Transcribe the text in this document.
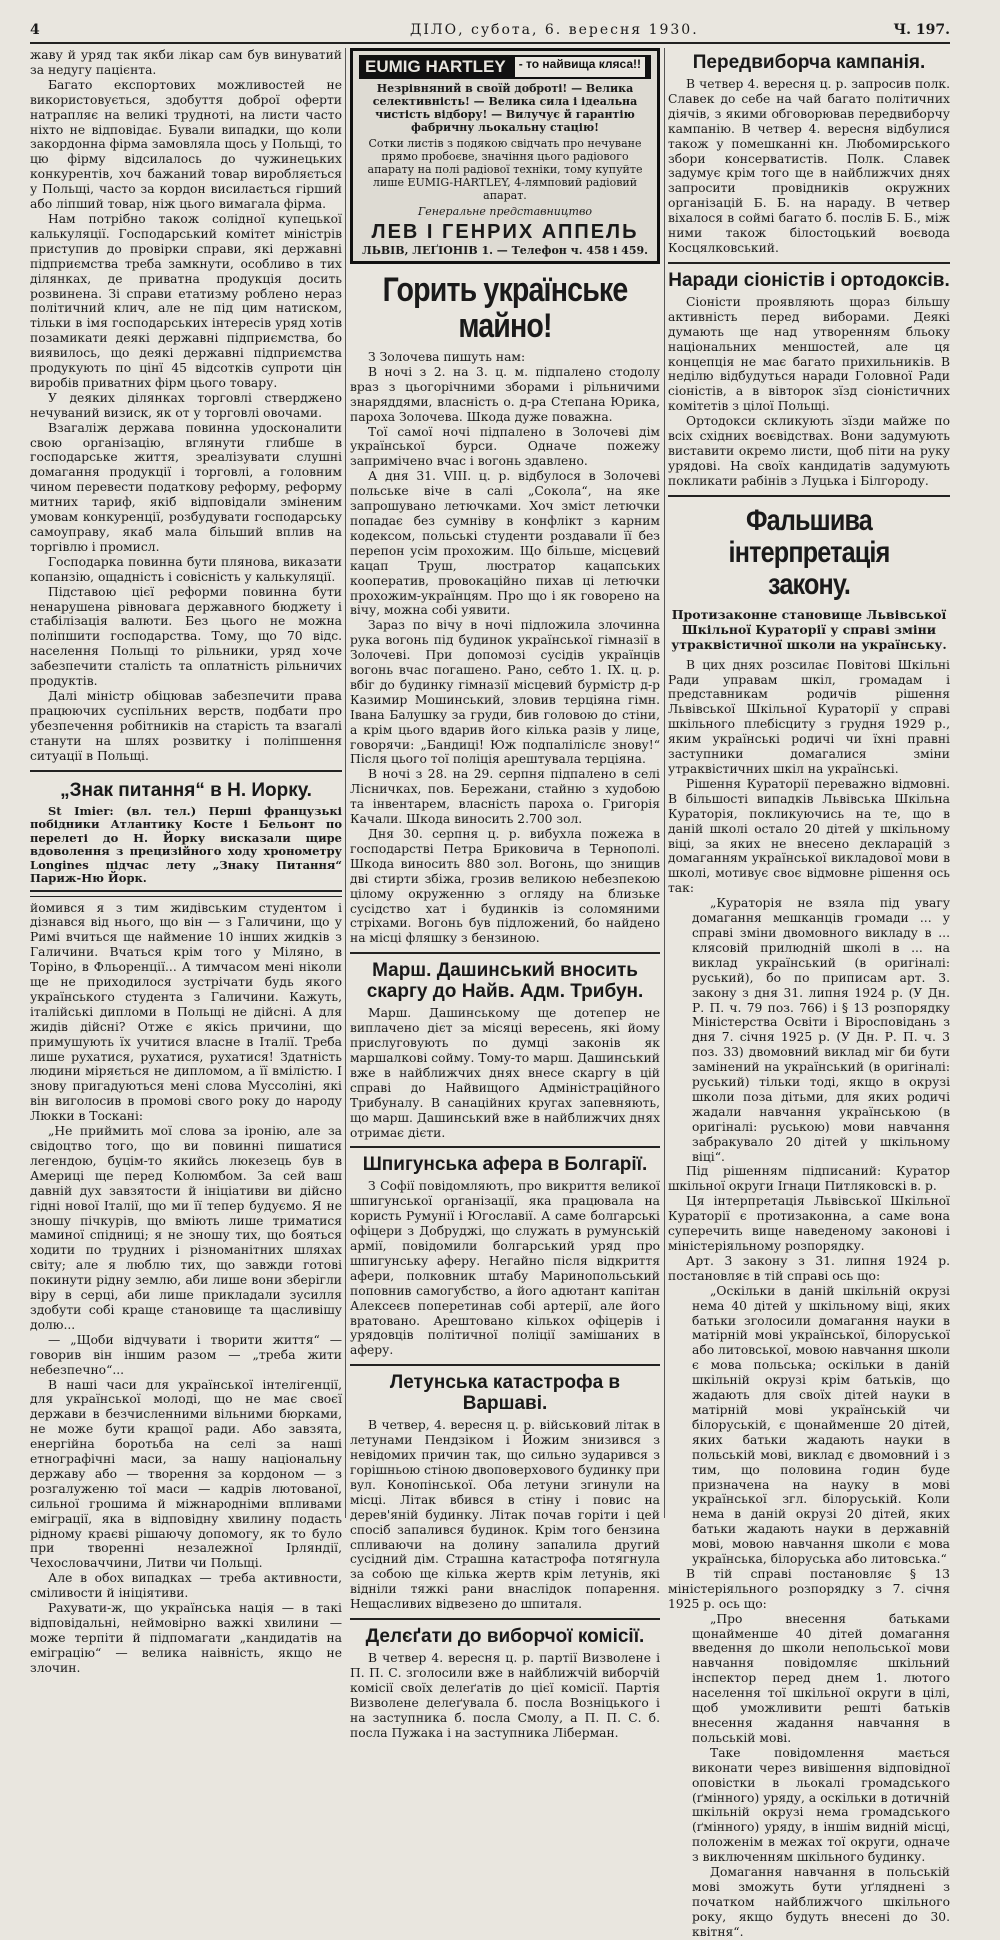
4	ДІЛО, субота, 6. вересня 1930.	Ч. 197.

жаву й уряд так якби лікар сам був винуватий за недугу пацієнта.

Багато експортових можливостей не використовується, здобуття доброї оферти натрапляє на великі трудноті, на листи часто ніхто не відповідає. Бували випадки, що коли закордонна фірма замовляла щось у Польщі, то цю фірму відсилалось до чужинецьких конкурентів, хоч бажаний товар виробляється у Польщі, часто за кордон висилається гірший або ліпший товар, ніж цього вимагала фірма.

Нам потрібно також солідної купецької калькуляції. Господарський комітет міністрів приступив до провірки справи, які державні підприємства треба замкнути, особливо в тих ділянках, де приватна продукція досить розвинена. Зі справи етатизму роблено нераз політичний клич, але не під цим натиском, тільки в імя господарських інтересів уряд хотів позамикати деякі державні підприємства, бо виявилось, що деякі державні підприємства продукують по цінї 45 відсотків супроти цін виробів приватних фірм цього товару.

У деяких ділянках торговлі стверджено нечуваний визиск, як от у торговлі овочами.

Взагаліж держава повинна удосконалити свою організацію, вглянути глибше в господарське життя, зреалізувати слушні домагання продукції і торговлі, а головним чином перевести податкову реформу, реформу митних тариф, якіб відповідали зміненим умовам конкуренції, розбудувати господарську самоуправу, якаб мала більший вплив на торгівлю і промисл.

Господарка повинна бути плянова, виказати копанзію, ощадність і совісність у калькуляції.

Підставою цієї реформи повинна бути ненарушена рівновага державного бюджету і стабілізація валюти. Без цього не можна поліпшити господарства. Тому, що 70 відс. населення Польщі то рільники, уряд хоче забезпечити сталість та оплатність рільничих продуктів.

Далі міністр обіцював забезпечити права працюючих суспільних верств, подбати про убезпечення робітників на старість та взагалі станути на шлях розвитку і поліпшення ситуації в Польщі.

„Знак питання“ в Н. Иорку.

St Imier: (вл. тел.) Перші французькі побідники Атлантику Косте і Бельонт по перелеті до Н. Йорку висказали щире вдоволення з прецизійного ходу хронометру Longines підчас лету „Знаку Питання“ Париж-Ню Йорк.

йомився я з тим жидівським студентом і дізнався від нього, що він — з Галичини, що у Римі вчиться ще наймение 10 інших жидків з Галичини. Вчаться крім того у Міляно, в Торіно, в Фльоренції... А тимчасом мені ніколи ще не приходилося зустрічати будь якого українського студента з Галичини. Кажуть, італійські дипломи в Польщі не дійсні. А для жидів дійсні? Отже є якісь причини, що примушують їх учитися власне в Італії. Треба лише рухатися, рухатися, рухатися! Здатність людини міряється не дипломом, а її вмілістю. І знову пригадуються мені слова Муссоліні, які він виголосив в промові свого року до народу Люкки в Тоскані:

„Не приймить мої слова за іронію, але за свідоцтво того, що ви повинні пишатися легендою, буцім-то якийсь люкезець був в Америці ще перед Колюмбом. За сей ваш давній дух завзятости й ініціативи ви дійсно гідні нової Італії, що ми її тепер будуємо. Я не зношу пічкурів, що вміють лише триматися маминої спідниці; я не знoшу тих, що бояться ходити по трудних і різноманітних шляхах світу; але я люблю тих, що завжди готові покинути рідну землю, аби лише вони зберігли віру в серці, аби лише прикладали зусилля здобути собі краще становище та щасливішу долю...

— „Щоби відчувати і творити життя“ — говорив він іншим разом — „треба жити небезпечно“...

В наші часи для української інтелігенції, для української молоді, що не має своєї держави в безчисленними вільними бюрками, не може бути кращої ради. Або завзята, енергійна боротьба на селі за наші етнографічні маси, за нашу національну державу або — творення за кордоном — з розгалуженю тої маси — кадрів лютованої, сильної грошима й міжнародніми впливами еміграції, яка в відповідну хвилину подасть рідному краєві рішаючу допомогу, як то було при творенні незалежної Ірляндії, Чехословаччини, Литви чи Польщі.

Але в обох випадках — треба активности, сміливости й ініціятиви.

Рахувати-ж, що українська нація — в такі відповідальні, неймовірно важкі хвилини — може терпіти й підпомагати „кандидатів на еміграцію“ — велика наівність, якщо не злочин.

EUMIG HARTLEY	- то найвища кляса!!
Незрівняний в своїй доброті! — Велика селективність! — Велика сила і ідеальна чистість відбору! — Вилучує й гарантію фабричну льокальну стацію!
Сотки листів з подякою свідчать про нечуване прямо пробоєве, значіння цього радіового апарату на полі радіової техніки, тому купуйте лише EUMIG-HARTLEY, 4-лямповий радіовий апарат.
Генеральне представництво
ЛЕВ І ГЕНРИХ АППЕЛЬ
ЛЬВІВ, ЛЕҐІОНІВ 1. — Телефон ч. 458 і 459.
Горить українське майно!

З Золочева пишуть нам:

В ночі з 2. на 3. ц. м. підпалено стодолу враз з цьогорічними зборами і рільничими знаряддями, власність о. д-ра Степана Юрика, пароха Золочева. Шкода дуже поважна.

Тої самої ночі підпалено в Золочеві дім української бурси. Одначе пожежу заприміченo вчас і вогонь здавлено.

А дня 31. VIII. ц. р. відбулося в Золочеві польське віче в салі „Сокола“, на яке запрошувано летючками. Хоч зміст летючки попадає без сумніву в конфлікт з карним кодексом, польські студенти роздавали її без перепон усім прохожим. Що більше, місцевий кацап Труш, люстратор кацапських кооператив, провокаційно пихав ці летючки прохожим-українцям. Про що і як говорено на вічу, можна собі уявити.

Зараз по вічу в ночі підложила злочинна рука вогонь під будинок української гімназії в Золочеві. При допомозі сусідів українців вогонь вчас погашено. Рано, себто 1. IX. ц. р. вбіг до будинку гімназії місцевий бурмістр д-р Казимир Мошинський, зловив терціяна гімн. Івана Балушку за груди, бив головою до стіни, а крім цього вдарив його кілька разів у лице, говорячи: „Бандиці! Юж подпаліліслє знову!“ Після цього тої поліція арештувала терціяна.

В ночі з 28. на 29. серпня підпалено в селі Лісничках, пов. Бережани, стайню з худобою та інвентарем, власність пароха о. Григорія Качали. Шкода виносить 2.700 зол.

Дня 30. серпня ц. р. вибухла пожежа в господарстві Петра Бриковича в Тернополі. Шкода виносить 880 зол. Вогонь, що знищив дві стирти збіжа, грозив великою небезпекою цілому окруженню з огляду на близьке сусідство хат і будинків із соломяними стріхами. Вогонь був підложений, бо найдено на місці фляшку з бензиною.

Марш. Дашинський вносить скаргу до Найв. Адм. Трибун.

Марш. Дашинському ще дотепер не виплачено дієт за місяці вересень, які йому прислуговують по думці законів як маршалкові сойму. Тому-то марш. Дашинський вже в найближчих днях внесе скаргу в цій справі до Найвищого Адміністраційного Трибуналу. В санаційних кругах запевняють, що марш. Дашинський вже в найближчих днях отримає дієти.

Шпигунська афера в Болгарії.

З Софії повідомляють, про викриття великої шпигунської організації, яка працювала на користь Румунії і Югославії. А саме болгарські офіцери з Добруджі, що служать в румунській армії, повідомили болгарський уряд про шпигунську аферу. Негайно після відкриття афери, полковник штабу Маринопольський поповнив самогубство, а його адютант капітан Алексеєв поперетинав собі артерії, але його вратовано. Арештовано кількох офіцерів і урядовців політичної поліції замішаних в аферу.

Летунська катастрофа в Варшаві.

В четвер, 4. вересня ц. р. військовий літак в летунами Пендзіком і Йожим знизився з невідомих причин так, що сильно зударився з горішньою стіною двоповерхового будинку при вул. Конопінської. Оба летуни згинули на місці. Літак вбився в стіну і повис на дерев'яній будинку. Літак почав горіти і цей спосіб запалився будинок. Крім того бензина спливаючи на долину запалила другий сусідний дім. Страшна катастрофа потягнула за собою ще кілька жертв крім летунів, які відніли тяжкі рани внаслідок попарення. Нещасливих відвезено до шпиталя.

Делєґати до виборчої комісії.

В четвер 4. вересня ц. р. партії Визволене і П. П. С. зголосили вже в найближчій виборчій комісії своїх делеґатів до цієї комісії. Партія Визволене делеґувала б. посла Возніцького і на заступника б. посла Смолу, а П. П. С. б. посла Пужака і на заступника Ліберман.

Передвиборча кампанія.

В четвер 4. вересня ц. р. запросив полк. Славек до себе на чай багато політичних діячів, з якими обговорював передвиборчу кампанію. В четвер 4. вересня відбулися також у помешканні кн. Любомирського збори консерватистів. Полк. Славек задумує крім того ще в найближчих днях запросити провідників окружних організацій Б. Б. на нараду. В четвер віхалося в соймі багато б. послів Б. Б., між ними також білостоцький воєвода Косцялковський.

Наради сіоністів і ортодоксів.

Сіоністи проявляють щораз більшу активність перед виборами. Деякі думають ще над утворенням бльоку національних меншостей, але ця концепція не має багато прихильників. В неділю відбудуться наради Головної Ради сіоністів, а в вівторок зїзд сіоністичних комітетів з цілої Польщі.

Ортодокси скликують зїзди майже по всіх східних воєвідствах. Вони задумують виставити окремо листи, щоб піти на руку урядові. На своїх кандидатів задумують покликати рабінів з Луцька і Білгороду.

Фальшива інтерпретація закону.
Протизаконне становище Львівської Шкільної Кураторії у справі зміни утраквістичної школи на українську.

В цих днях розсилає Повітові Шкільні Ради управам шкіл, громадам і представникам родичів рішення Львівської Шкільної Кураторії у справі шкільного плебісциту з грудня 1929 р., яким українські родичі чи їхні правні заступники домагалися зміни утраквістичних шкіл на українські.

Рішення Кураторії переважно відмовні. В більшості випадків Львівська Шкільна Кураторія, покликуючись на те, що в даній школі остало 20 дітей у шкільному віці, за яких не внесено декларацій з домаганням української викладової мови в школі, мотивує своє відмовне рішення ось так:

„Кураторія не взяла під увагу домагання мешканців громади ... у справі зміни двомовного викладу в ... клясовій прилюдній школі в ... на виклад український (в оригіналі: руський), бо по приписам арт. 3. закону з дня 31. липня 1924 р. (У Дн. Р. П. ч. 79 поз. 766) і § 13 розпорядку Міністерства Освіти і Віросповідань з дня 7. січня 1925 р. (У Дн. Р. П. ч. 3 поз. 33) двомовний виклад міг би бути замінений на український (в оригіналі: руський) тільки тоді, якщо в окрузі школи поза дітьми, для яких родичі жадали навчання українською (в оригіналі: руською) мови навчання забракувало 20 дітей у шкільному віці“.

Під рішенням підписаний: Куратор шкільної округи Ігнаци Питляковскі в. р.

Ця інтерпретація Львівської Шкільної Кураторії є протизаконна, а саме вона суперечить вище наведеному законові і міністеріяльному розпорядку.

Арт. 3 закону з 31. липня 1924 р. постановляє в тій справі ось що:

„Оскільки в даній шкільній окрузі нема 40 дітей у шкільному віці, яких батьки зголосили домагання науки в матірній мові української, білоруської або литовської, мовою навчання школи є мова польська; оскільки в даній шкільній окрузі крім батьків, що жадають для своїх дітей науки в матірній мові українській чи білоруській, є щонайменше 20 дітей, яких батьки жадають науки в польській мові, виклад є двомовний і з тим, що половина годин буде призначена на науку в мові української згл. білоруській. Коли нема в даній окрузі 20 дітей, яких батьки жадають науки в державній мові, мовою навчання школи є мова українська, білоруська або литовська.“

В тій справі постановляє § 13 міністеріяльного розпорядку з 7. січня 1925 р. ось що:

„Про внесення батьками щонайменше 40 дітей домагання введення до школи непольської мови навчання повідомляє шкільний інспектор перед днем 1. лютого населення тої шкільної округи в цілі, щоб уможливити решті батьків внесення жадання навчання в польській мові.

Таке повідомлення мається виконати через вивішення відповідної оповістки в льокалі громадського (ґмінного) уряду, а оскільки в дотичній шкільній окрузі нема громадського (ґмінного) уряду, в іншім видній місці, положенім в межах тої округи, одначе з виключенням шкільного будинку.

Домагання навчання в польській мові зможуть бути уґлядненi з початком найближчого шкільного року, якщо будуть внесені до 30. квітня“.
